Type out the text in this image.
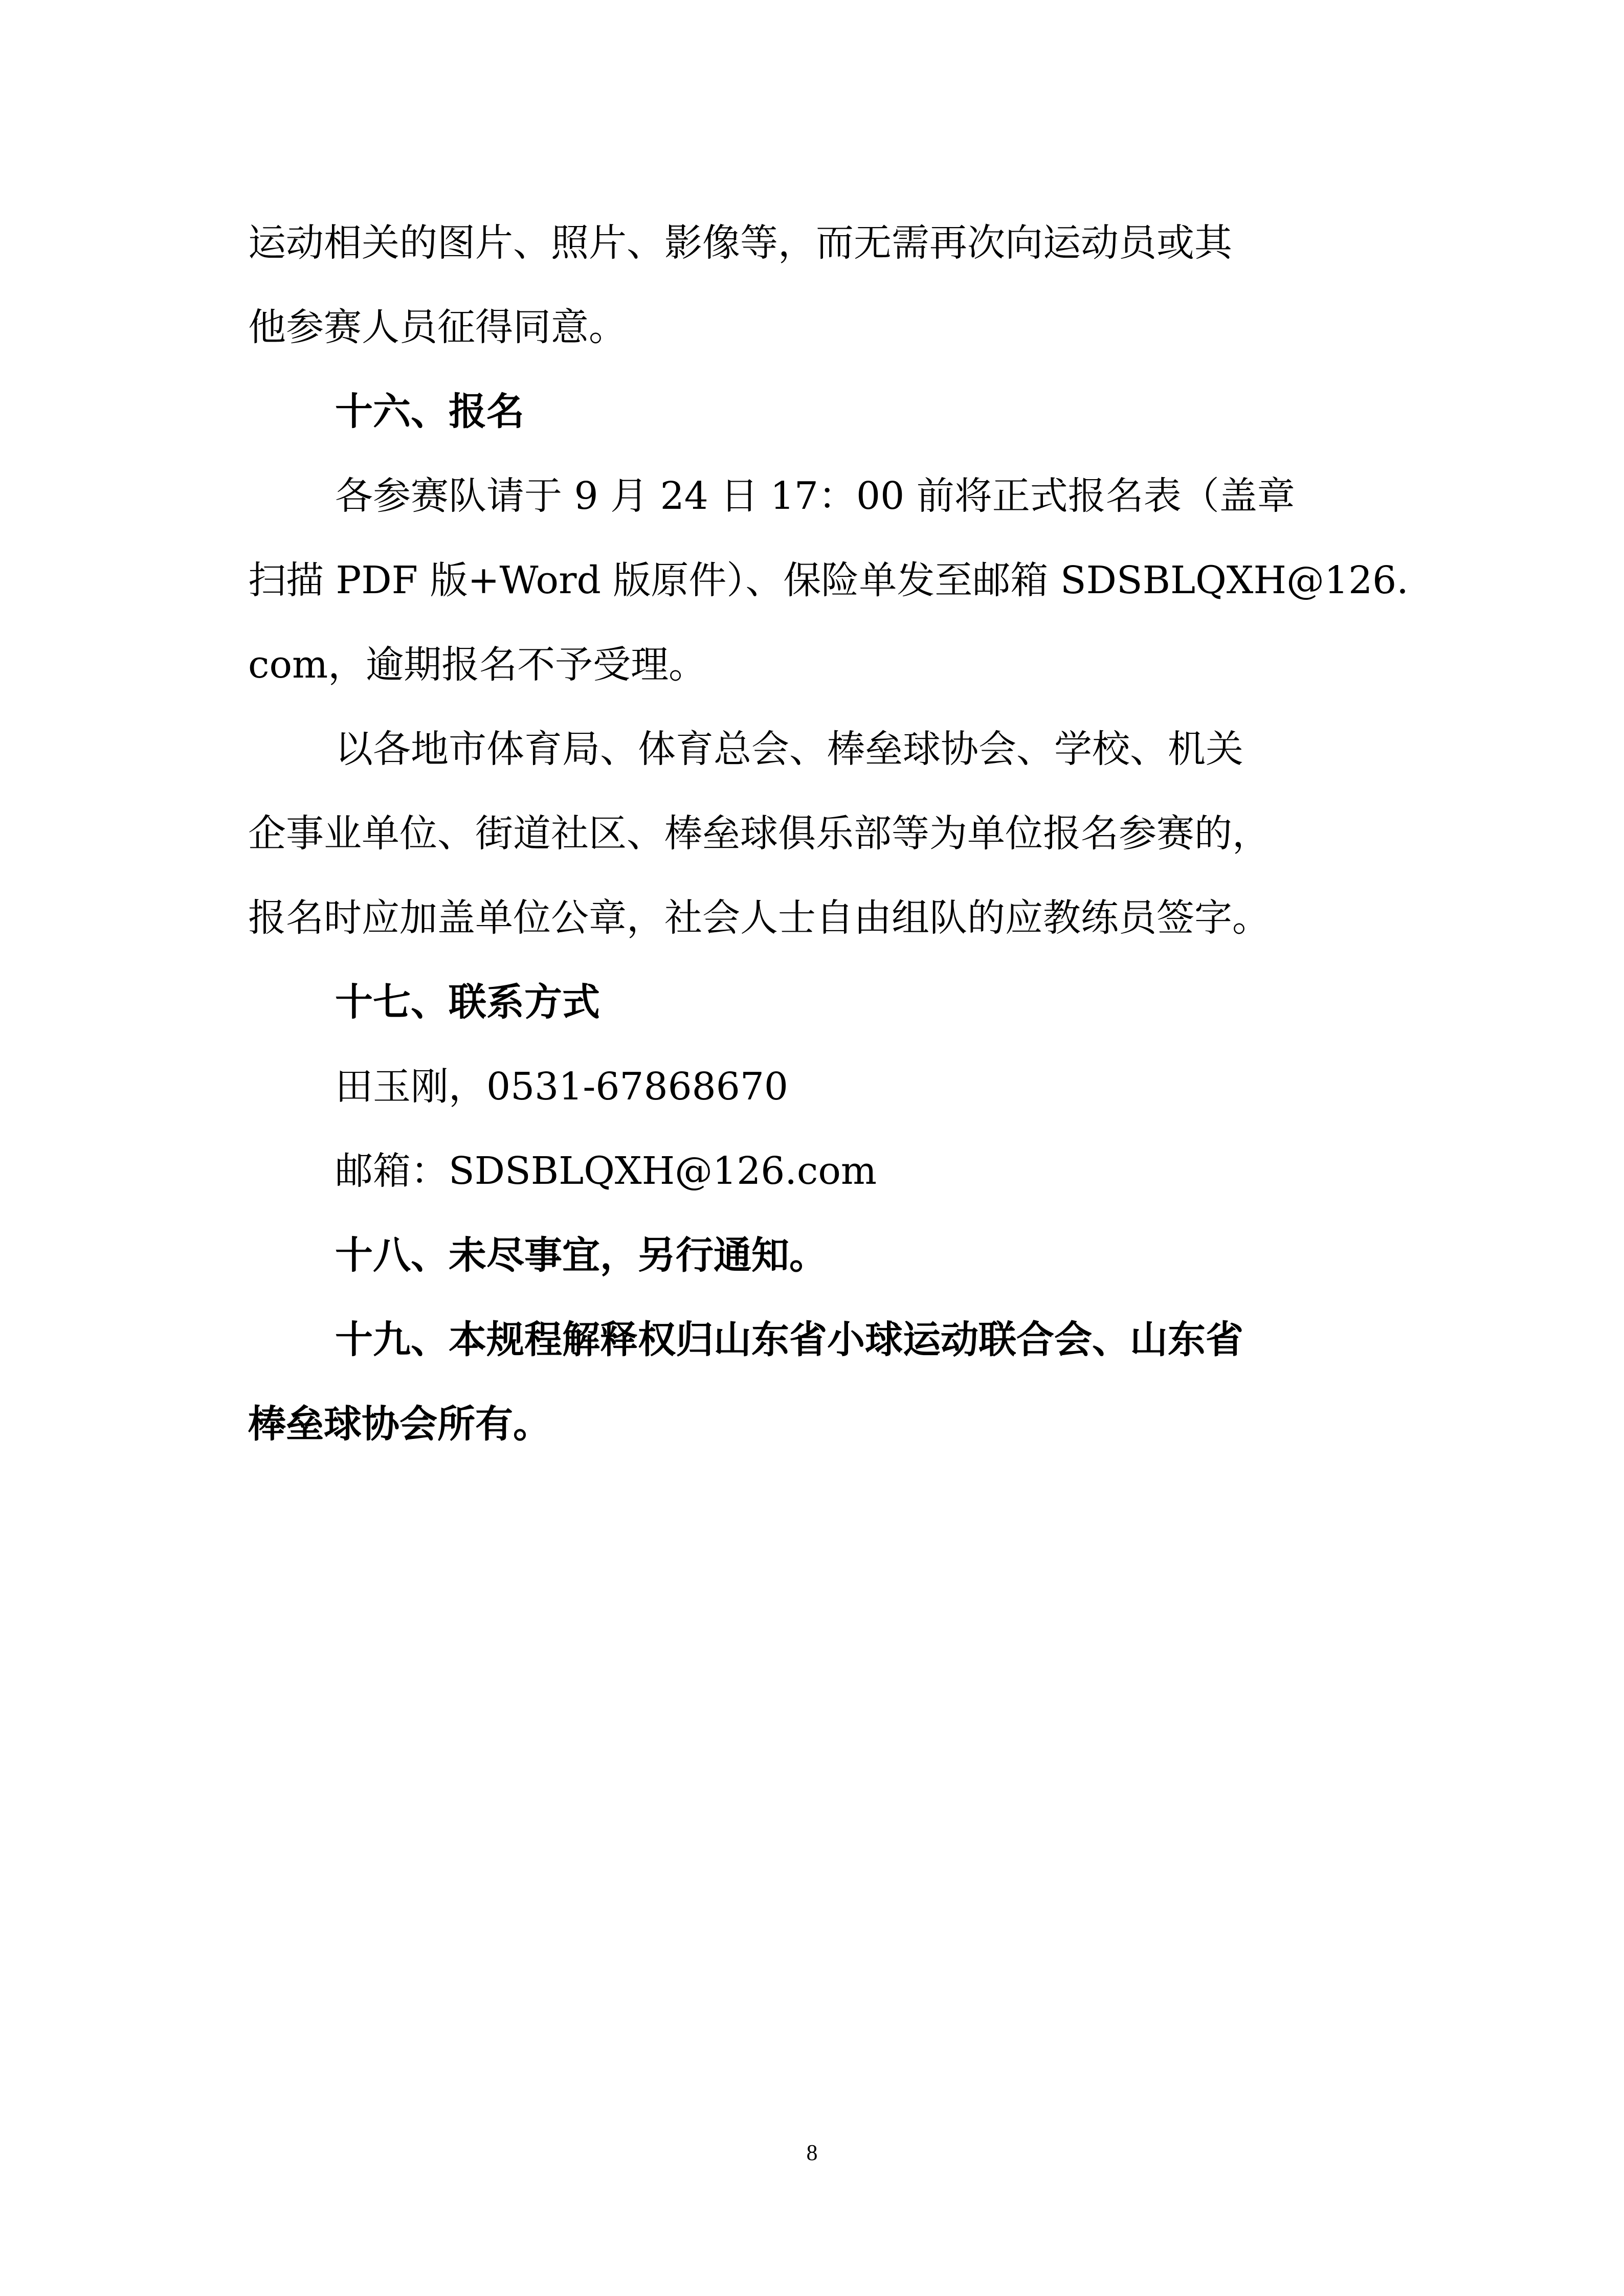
运动相关的图片、照片、影像等，而无需再次向运动员或其
他参赛人员征得同意。
十六、报名
各参赛队请于 9 月 24 日 17：00 前将正式报名表（盖章
扫描 PDF 版+Word 版原件）、保险单发至邮箱 SDSBLQXH@126.
com，逾期报名不予受理。
以各地市体育局、体育总会、棒垒球协会、学校、机关
企事业单位、街道社区、棒垒球俱乐部等为单位报名参赛的，
报名时应加盖单位公章，社会人士自由组队的应教练员签字。
十七、联系方式
田玉刚，0531-67868670
邮箱：SDSBLQXH@126.com
十八、未尽事宜，另行通知。
十九、本规程解释权归山东省小球运动联合会、山东省
棒垒球协会所有。
8
